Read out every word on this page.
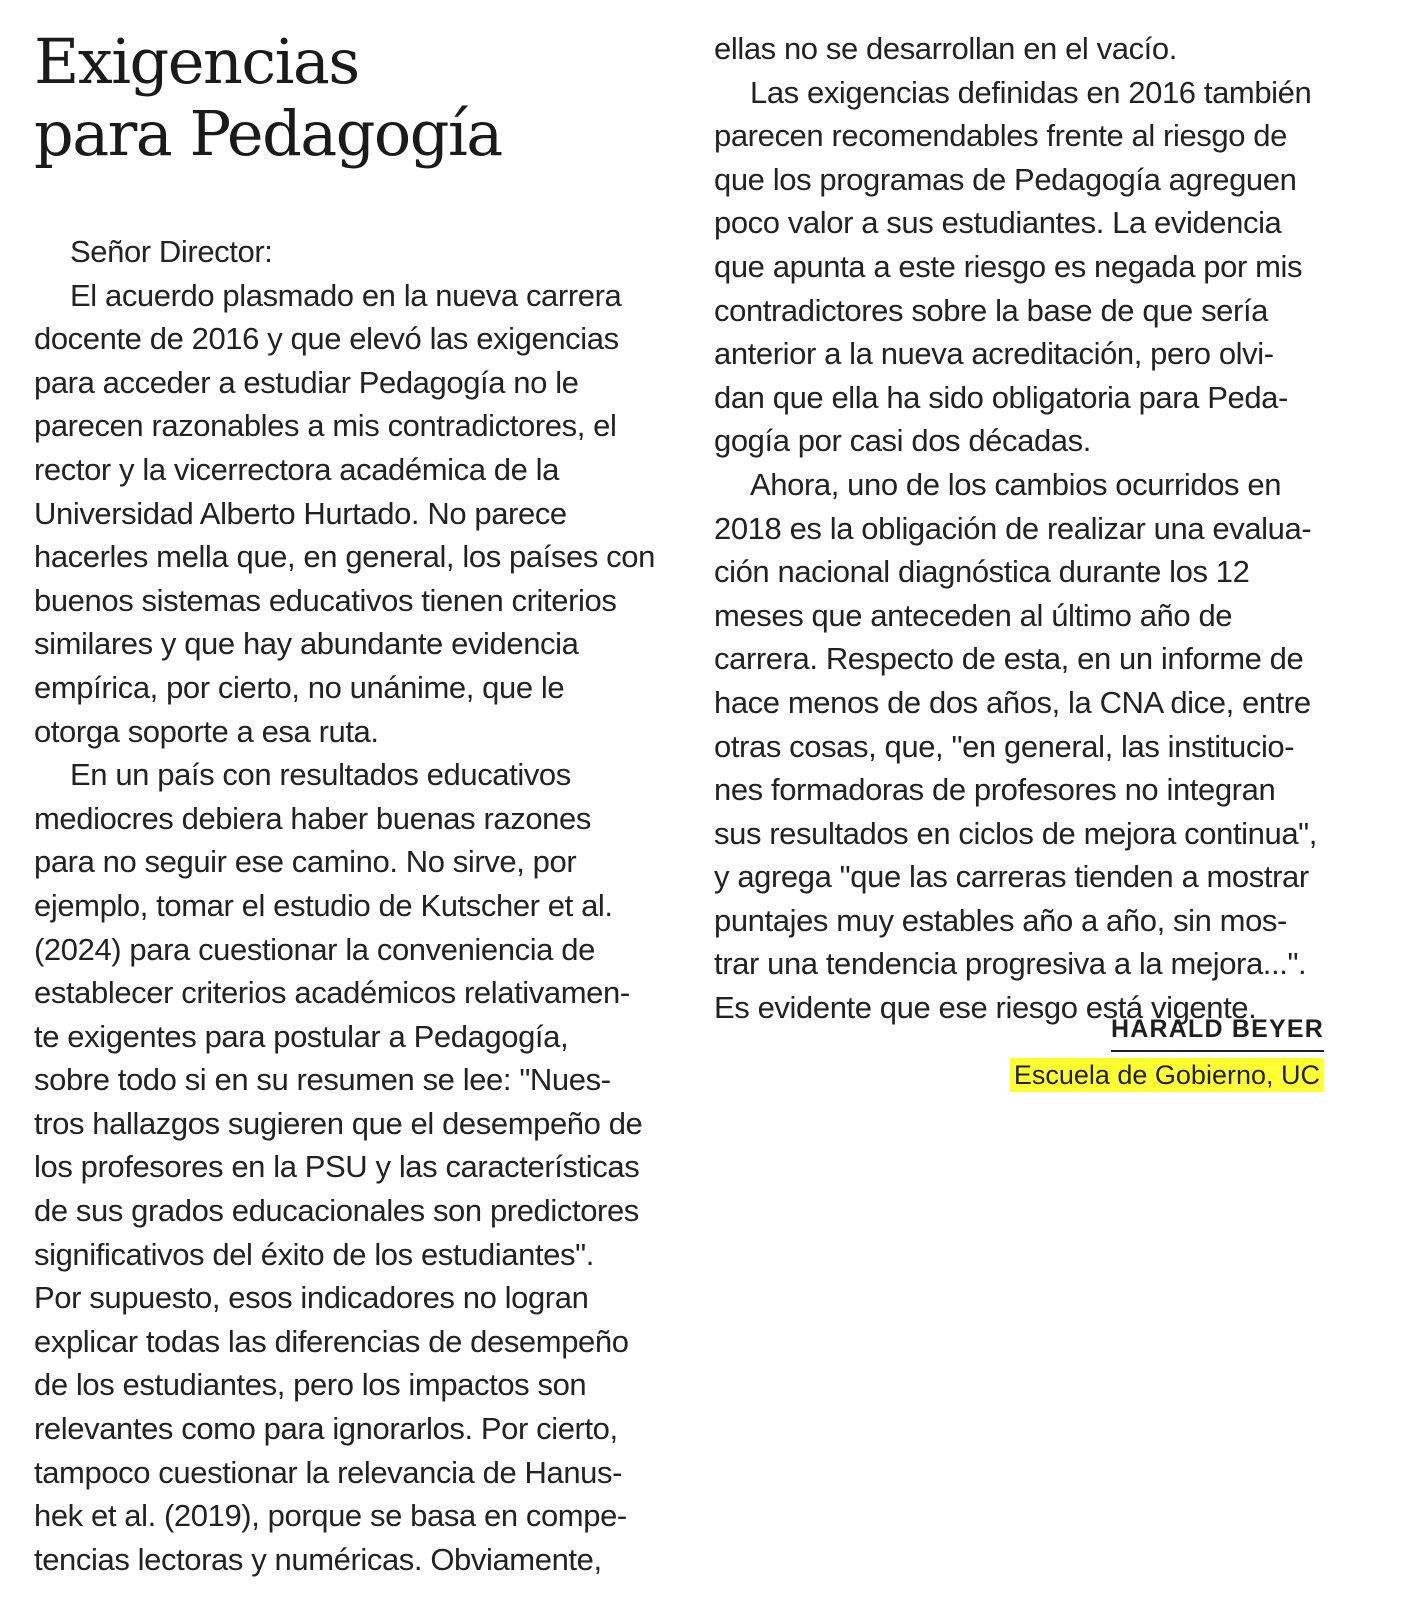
Exigencias
para Pedagogía
Señor Director:
El acuerdo plasmado en la nueva carrera
docente de 2016 y que elevó las exigencias
para acceder a estudiar Pedagogía no le
parecen razonables a mis contradictores, el
rector y la vicerrectora académica de la
Universidad Alberto Hurtado. No parece
hacerles mella que, en general, los países con
buenos sistemas educativos tienen criterios
similares y que hay abundante evidencia
empírica, por cierto, no unánime, que le
otorga soporte a esa ruta.
En un país con resultados educativos
mediocres debiera haber buenas razones
para no seguir ese camino. No sirve, por
ejemplo, tomar el estudio de Kutscher et al.
(2024) para cuestionar la conveniencia de
establecer criterios académicos relativamen-
te exigentes para postular a Pedagogía,
sobre todo si en su resumen se lee: "Nues-
tros hallazgos sugieren que el desempeño de
los profesores en la PSU y las características
de sus grados educacionales son predictores
significativos del éxito de los estudiantes".
Por supuesto, esos indicadores no logran
explicar todas las diferencias de desempeño
de los estudiantes, pero los impactos son
relevantes como para ignorarlos. Por cierto,
tampoco cuestionar la relevancia de Hanus-
hek et al. (2019), porque se basa en compe-
tencias lectoras y numéricas. Obviamente,
ellas no se desarrollan en el vacío.
Las exigencias definidas en 2016 también
parecen recomendables frente al riesgo de
que los programas de Pedagogía agreguen
poco valor a sus estudiantes. La evidencia
que apunta a este riesgo es negada por mis
contradictores sobre la base de que sería
anterior a la nueva acreditación, pero olvi-
dan que ella ha sido obligatoria para Peda-
gogía por casi dos décadas.
Ahora, uno de los cambios ocurridos en
2018 es la obligación de realizar una evalua-
ción nacional diagnóstica durante los 12
meses que anteceden al último año de
carrera. Respecto de esta, en un informe de
hace menos de dos años, la CNA dice, entre
otras cosas, que, "en general, las institucio-
nes formadoras de profesores no integran
sus resultados en ciclos de mejora continua",
y agrega "que las carreras tienden a mostrar
puntajes muy estables año a año, sin mos-
trar una tendencia progresiva a la mejora...".
Es evidente que ese riesgo está vigente.
HARALD BEYER
Escuela de Gobierno, UC
